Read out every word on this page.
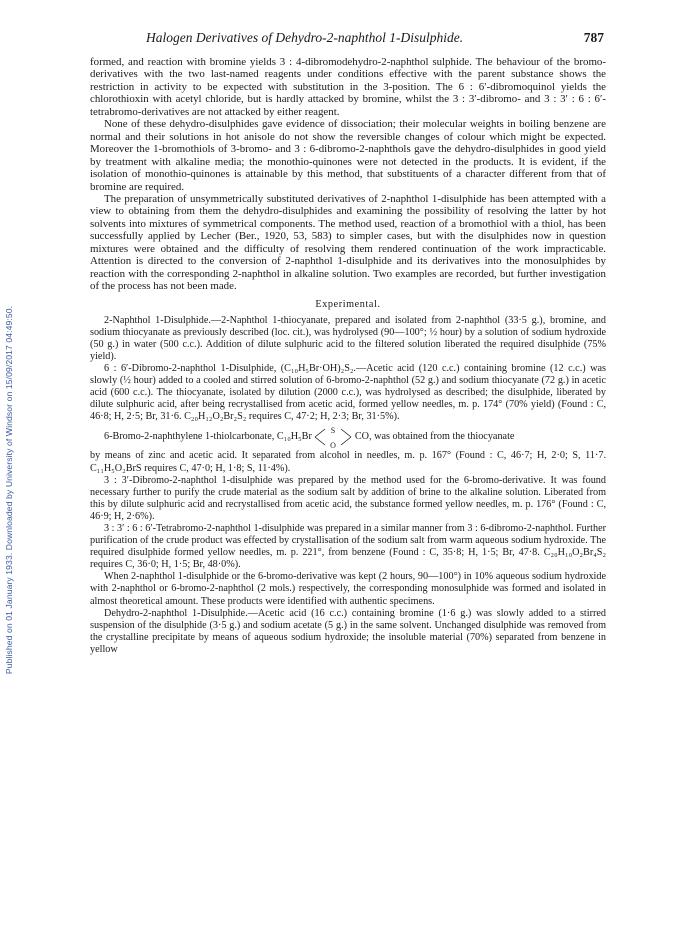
Published on 01 January 1933. Downloaded by University of Windsor on 15/09/2017 04:49:50.
Halogen Derivatives of Dehydro-2-naphthol 1-Disulphide.	787

formed, and reaction with bromine yields 3 : 4-dibromodehydro-2-naphthol sulphide. The behaviour of the bromo-derivatives with the two last-named reagents under conditions effective with the parent substance shows the restriction in activity to be expected with substitution in the 3-position. The 6 : 6′-dibromoquinol yields the chlorothioxin with acetyl chloride, but is hardly attacked by bromine, whilst the 3 : 3′-dibromo- and 3 : 3′ : 6 : 6′-tetrabromo-derivatives are not attacked by either reagent.

None of these dehydro-disulphides gave evidence of dissociation; their molecular weights in boiling benzene are normal and their solutions in hot anisole do not show the reversible changes of colour which might be expected. Moreover the 1-bromothiols of 3-bromo- and 3 : 6-dibromo-2-naphthols gave the dehydro-disulphides in good yield by treatment with alkaline media; the monothio-quinones were not detected in the products. It is evident, if the isolation of monothio-quinones is attainable by this method, that substituents of a character different from that of bromine are required.

The preparation of unsymmetrically substituted derivatives of 2-naphthol 1-disulphide has been attempted with a view to obtaining from them the dehydro-disulphides and examining the possibility of resolving the latter by hot solvents into mixtures of symmetrical components. The method used, reaction of a bromothiol with a thiol, has been successfully applied by Lecher (Ber., 1920, 53, 583) to simpler cases, but with the disulphides now in question mixtures were obtained and the difficulty of resolving them rendered continuation of the work impracticable. Attention is directed to the conversion of 2-naphthol 1-disulphide and its derivatives into the monosulphides by reaction with the corresponding 2-naphthol in alkaline solution. Two examples are recorded, but further investigation of the process has not been made.

Experimental.

2-Naphthol 1-Disulphide.—2-Naphthol 1-thiocyanate, prepared and isolated from 2-naphthol (33·5 g.), bromine, and sodium thiocyanate as previously described (loc. cit.), was hydrolysed (90—100°; ½ hour) by a solution of sodium hydroxide (50 g.) in water (500 c.c.). Addition of dilute sulphuric acid to the filtered solution liberated the required disulphide (75% yield).

6 : 6′-Dibromo-2-naphthol 1-Disulphide, (C₁₀H₅Br·OH)₂S₂.—Acetic acid (120 c.c.) containing bromine (12 c.c.) was slowly (½ hour) added to a cooled and stirred solution of 6-bromo-2-naphthol (52 g.) and sodium thiocyanate (72 g.) in acetic acid (600 c.c.). The thiocyanate, isolated by dilution (2000 c.c.), was hydrolysed as described; the disulphide, liberated by dilute sulphuric acid, after being recrystallised from acetic acid, formed yellow needles, m. p. 174° (70% yield) (Found : C, 46·8; H, 2·5; Br, 31·6. C₂₀H₁₂O₂Br₂S₂ requires C, 47·2; H, 2·3; Br, 31·5%).

6-Bromo-2-naphthylene 1-thiolcarbonate, C₁₀H₅Br
S
O
CO, was obtained from the thiocyanate

by means of zinc and acetic acid. It separated from alcohol in needles, m. p. 167° (Found : C, 46·7; H, 2·0; S, 11·7. C₁₁H₅O₂BrS requires C, 47·0; H, 1·8; S, 11·4%).

3 : 3′-Dibromo-2-naphthol 1-disulphide was prepared by the method used for the 6-bromo-derivative. It was found necessary further to purify the crude material as the sodium salt by addition of brine to the alkaline solution. Liberated from this by dilute sulphuric acid and recrystallised from acetic acid, the substance formed yellow needles, m. p. 176° (Found : C, 46·9; H, 2·6%).

3 : 3′ : 6 : 6′-Tetrabromo-2-naphthol 1-disulphide was prepared in a similar manner from 3 : 6-dibromo-2-naphthol. Further purification of the crude product was effected by crystallisation of the sodium salt from warm aqueous sodium hydroxide. The required disulphide formed yellow needles, m. p. 221°, from benzene (Found : C, 35·8; H, 1·5; Br, 47·8. C₂₀H₁₀O₂Br₄S₂ requires C, 36·0; H, 1·5; Br, 48·0%).

When 2-naphthol 1-disulphide or the 6-bromo-derivative was kept (2 hours, 90—100°) in 10% aqueous sodium hydroxide with 2-naphthol or 6-bromo-2-naphthol (2 mols.) respectively, the corresponding monosulphide was formed and isolated in almost theoretical amount. These products were identified with authentic specimens.

Dehydro-2-naphthol 1-Disulphide.—Acetic acid (16 c.c.) containing bromine (1·6 g.) was slowly added to a stirred suspension of the disulphide (3·5 g.) and sodium acetate (5 g.) in the same solvent. Unchanged disulphide was removed from the crystalline precipitate by means of aqueous sodium hydroxide; the insoluble material (70%) separated from benzene in yellow
